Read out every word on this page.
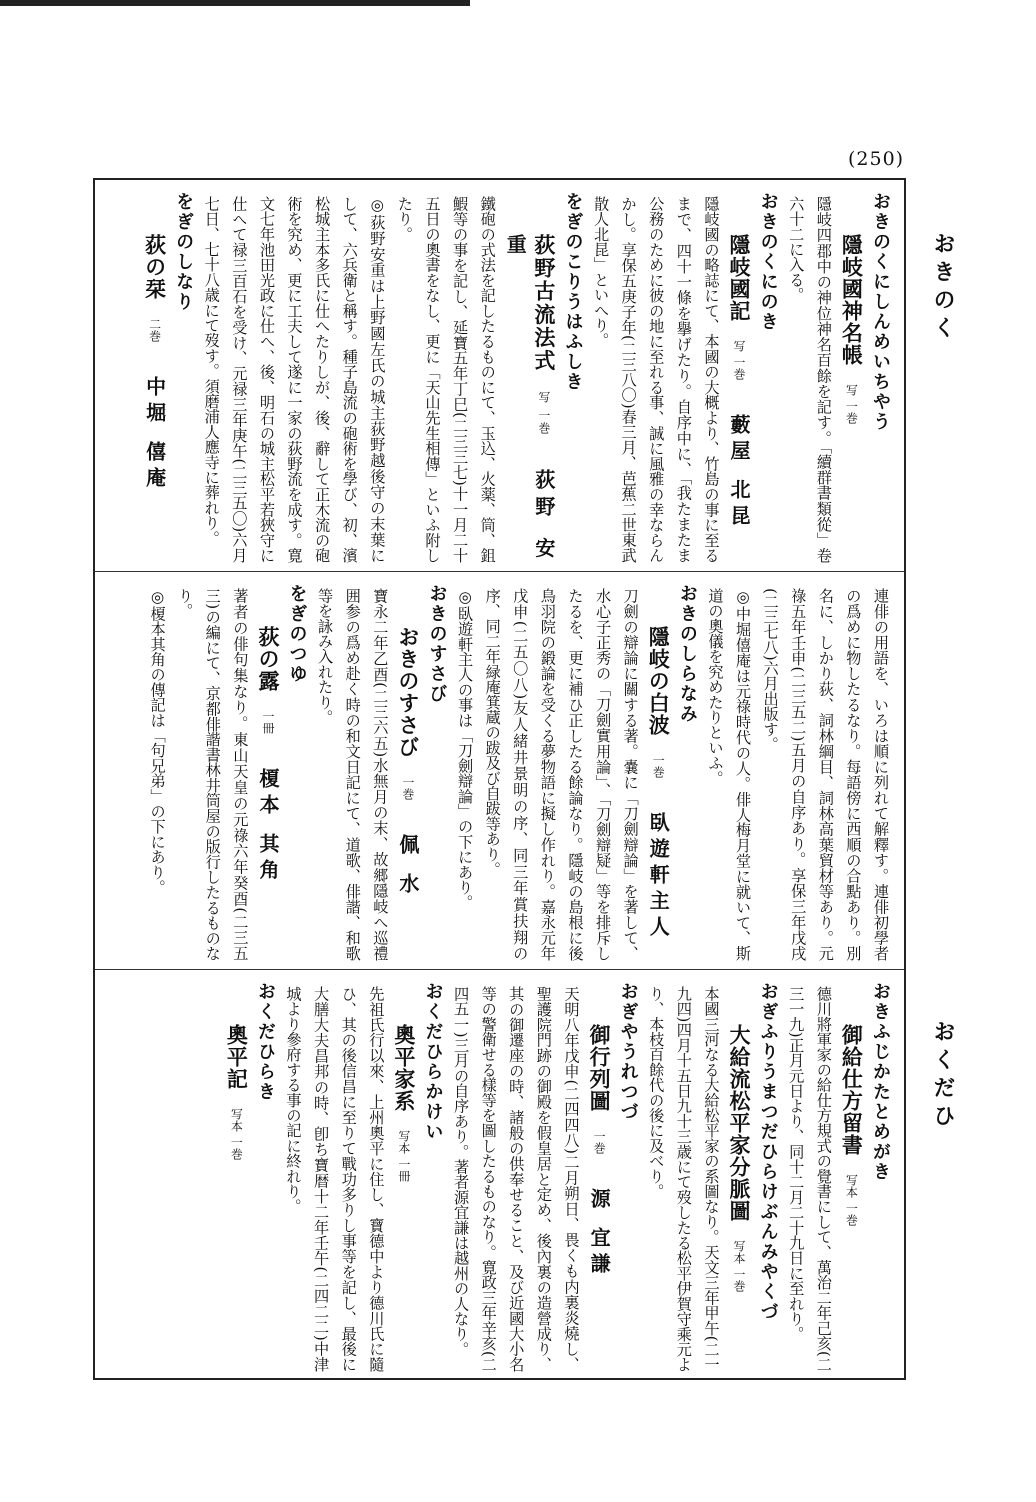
(250)
おきのく
おくだひ
おきのくにしんめいちやう
隱岐國神名帳写 一巻
隱岐四郡中の神位神名百餘を記す。「續群書類從」卷六十二に入る。
おきのくにのき
隱岐國記写 一巻藪屋 北昆
隱岐國の略誌にて、本國の大概より、竹島の事に至るまで、四十一條を擧げたり。自序中に、「我たまたま公務のために彼の地に至れる事、誠に風雅の幸ならんかし。享保五庚子年(二三八〇)春三月、芭蕉二世東武散人北昆」といへり。
をぎのこりうはふしき
荻野古流法式写 一巻荻野 安重
鐵砲の式法を記したるものにて、玉込、火薬、筒、鉏鰕等の事を記し、延寶五年丁巳(二三三七)十一月二十五日の奧書をなし、更に「天山先生相傳」といふ附したり。
◎荻野安重は上野國左氏の城主荻野越後守の末葉にして、六兵衛と稱す。種子島流の砲術を學び、初、濱松城主本多氏に仕へたりしが、後、辭して正木流の砲術を究め、更に工夫して遂に一家の荻野流を成す。寛文七年池田光政に仕へ、後、明石の城主松平若狹守に仕へて禄三百石を受け、元禄三年庚午(二三五〇)六月七日、七十八歳にて歿す。須磨浦人應寺に葬れり。
をぎのしなり
荻の栞二巻中堀 僖庵
連俳の用語を、いろは順に列れて解釋す。連俳初學者の爲めに物したるなり。每語傍に西順の合點あり。別名に、しかり荻、詞林綱目、詞林高葉貿材等あり。元祿五年壬申(二三五二)五月の自序あり。享保三年戊戌(二三七八)六月出版す。
◎中堀僖庵は元祿時代の人。俳人梅月堂に就いて、斯道の奧儀を究めたりといふ。
おきのしらなみ
隱岐の白波一巻臥遊軒主人
刀劍の辯論に關する著。嚢に「刀劍辯論」を著して、水心子正秀の「刀劍實用論」、「刀劍辯疑」等を排斥したるを、更に補ひ正したる餘論なり。隱岐の島根に後鳥羽院の鍛論を受くる夢物語に擬し作れり。嘉永元年戊申(二五〇八)友人緒井景明の序、同三年賞扶翔の序、同二年緑庵箕蔵の跋及び自跋等あり。
◎臥遊軒主人の事は「刀劍辯論」の下にあり。
おきのすさび
おきのすさび一巻佩 水
寶永二年乙酉(二三六五)水無月の末、故郷隱岐へ巡禮囲参の爲め赴く時の和文日記にて、道歌、俳諧、和歌等を詠み入れたり。
をぎのつゆ
荻の露一冊榎本 其角
著者の俳句集なり。東山天皇の元祿六年癸酉(二三五三)の編にて、京都俳諧書林井筒屋の版行したるものなり。
◎榎本其角の傳記は「句兄弟」の下にあり。
おきふじかたとめがき
御給仕方留書写本 一巻
德川將軍家の給仕方規式の覺書にして、萬治二年己亥(二三一九)正月元日より、同十二月二十九日に至れり。
おぎふりうまつだひらけぶんみやくづ
大給流松平家分脈圖写本 一巻
本國三河なる大給松平家の系圖なり。天文三年甲午(二一九四)四月十五日九十三歳にて歿したる松平伊賀守乘元より、本枝百餘代の後に及べり。
おぎやうれつづ
御行列圖一巻源 宜謙
天明八年戊申(二四四八)二月朔日、畏くも内裏炎燒し、聖護院門跡の御殿を假皇居と定め、後內裏の造營成り、其の御遷座の時、諸般の供奉せること、及び近國大小名等の警衛せる樣等を圖したるものなり。寛政三年辛亥(二四五一)三月の自序あり。著者源宜謙は越州の人なり。
おくだひらかけい
奧平家系写本 一冊
先祖氏行以來、上州奧平に住し、寶德中より德川氏に隨ひ、其の後信昌に至りて戰功多りし事等を記し、最後に大膳大夫昌邦の時、卽ち寶暦十二年壬午(二四二二)中津城より參府する事の記に終れり。
おくだひらき
奧平記写本 一巻
